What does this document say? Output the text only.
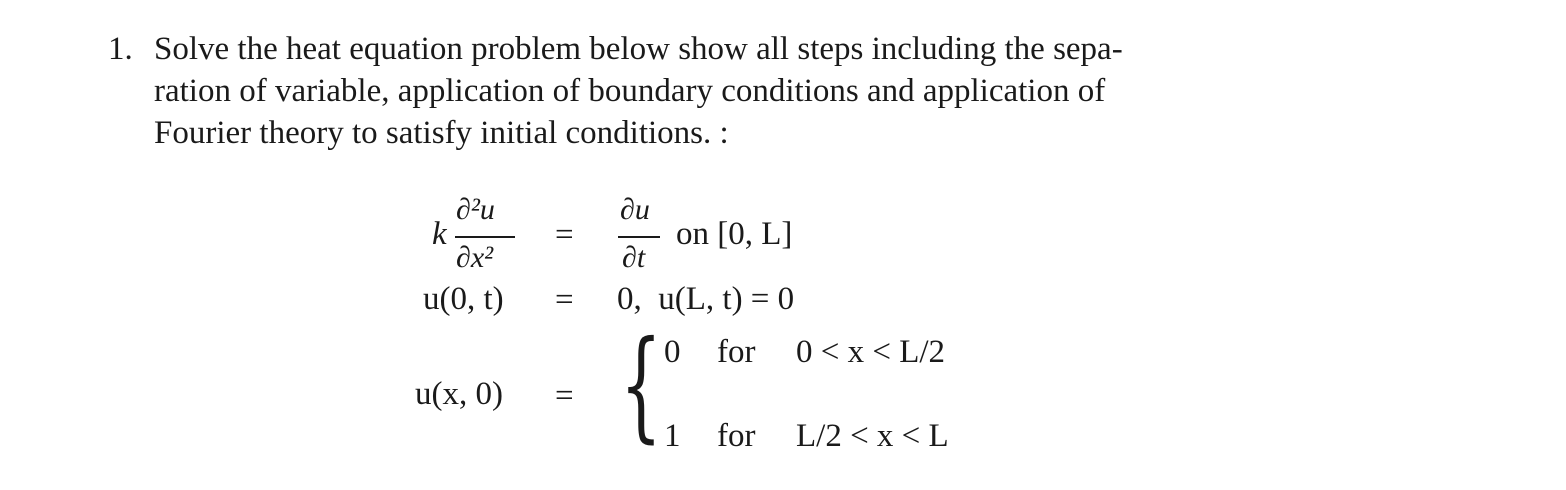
1. Solve the heat equation problem below show all steps including the sepa-
ration of variable, application of boundary conditions and application of
Fourier theory to satisfy initial conditions. :
k
∂²u
∂x²
=
∂u
∂t
on [0, L]
u(0, t) = 0,  u(L, t) = 0
u(x, 0) = { 0 for 0 < x < L/2
1 for L/2 < x < L
